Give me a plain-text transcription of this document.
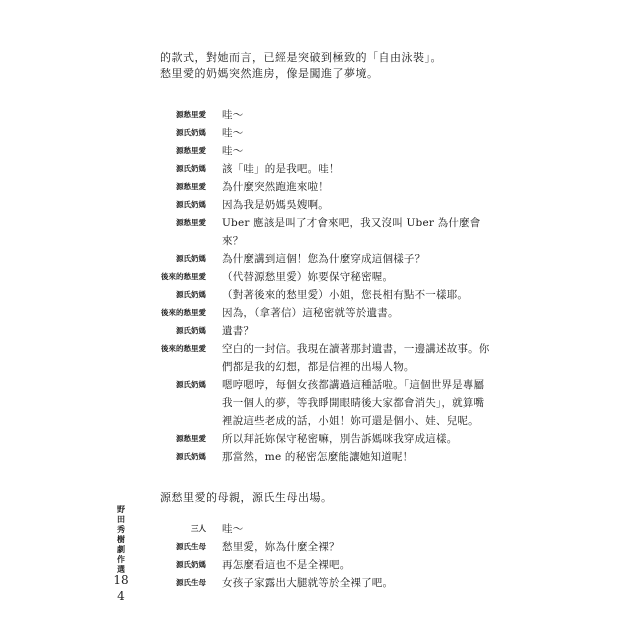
的款式，對她而言，已經是突破到極致的「自由泳裝」。
愁里愛的奶媽突然進房，像是闖進了夢境。
源愁里愛 哇～
源氏奶媽 哇～
源愁里愛 哇～
源氏奶媽 該「哇」的是我吧。哇！
源愁里愛 為什麼突然跑進來啦！
源氏奶媽 因為我是奶媽吳嫂啊。
源愁里愛 Uber 應該是叫了才會來吧，我又沒叫 Uber 為什麼會來？
源氏奶媽 為什麼講到這個！您為什麼穿成這個樣子？
後來的愁里愛 （代替源愁里愛）妳要保守秘密喔。
源氏奶媽 （對著後來的愁里愛）小姐，您長相有點不一樣耶。
後來的愁里愛 因為，（拿著信）這秘密就等於遺書。
源氏奶媽 遺書？
後來的愁里愛 空白的一封信。我現在讀著那封遺書，一邊講述故事。你們都是我的幻想，都是信裡的出場人物。
源氏奶媽 嗯哼嗯哼，每個女孩都講過這種話啦。「這個世界是專屬我一個人的夢，等我睜開眼睛後大家都會消失」，就算嘴裡說這些老成的話，小姐！妳可還是個小、娃、兒呢。
源愁里愛 所以拜託妳保守秘密嘛，別告訴媽咪我穿成這樣。
源氏奶媽 那當然，me 的秘密怎麼能讓她知道呢！
源愁里愛的母親，源氏生母出場。
三人 哇～
源氏生母 愁里愛，妳為什麼全裸？
源氏奶媽 再怎麼看這也不是全裸吧。
源氏生母 女孩子家露出大腿就等於全裸了吧。
野田秀樹劇作選
184
